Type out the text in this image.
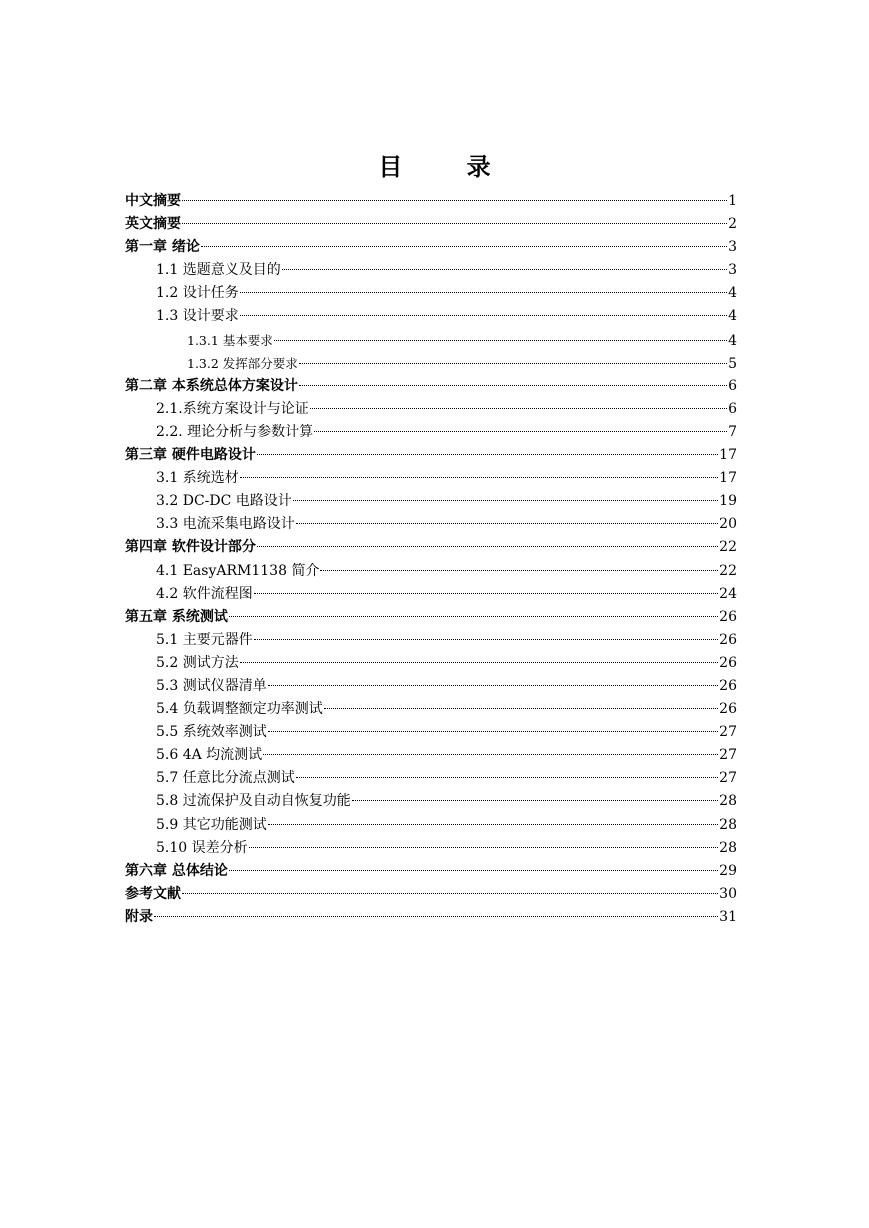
目 录
中文摘要	1
英文摘要	2
第一章 绪论	3
1.1 选题意义及目的	3
1.2 设计任务	4
1.3 设计要求	4
1.3.1 基本要求	4
1.3.2 发挥部分要求	5
第二章 本系统总体方案设计	6
2.1.系统方案设计与论证	6
2.2. 理论分析与参数计算	7
第三章 硬件电路设计	17
3.1 系统选材	17
3.2 DC-DC 电路设计	19
3.3 电流采集电路设计	20
第四章 软件设计部分	22
4.1 EasyARM1138 简介	22
4.2 软件流程图	24
第五章 系统测试	26
5.1 主要元器件	26
5.2 测试方法	26
5.3 测试仪器清单	26
5.4 负载调整额定功率测试	26
5.5 系统效率测试	27
5.6 4A 均流测试	27
5.7 任意比分流点测试	27
5.8 过流保护及自动自恢复功能	28
5.9 其它功能测试	28
5.10 误差分析	28
第六章 总体结论	29
参考文献	30
附录	31
